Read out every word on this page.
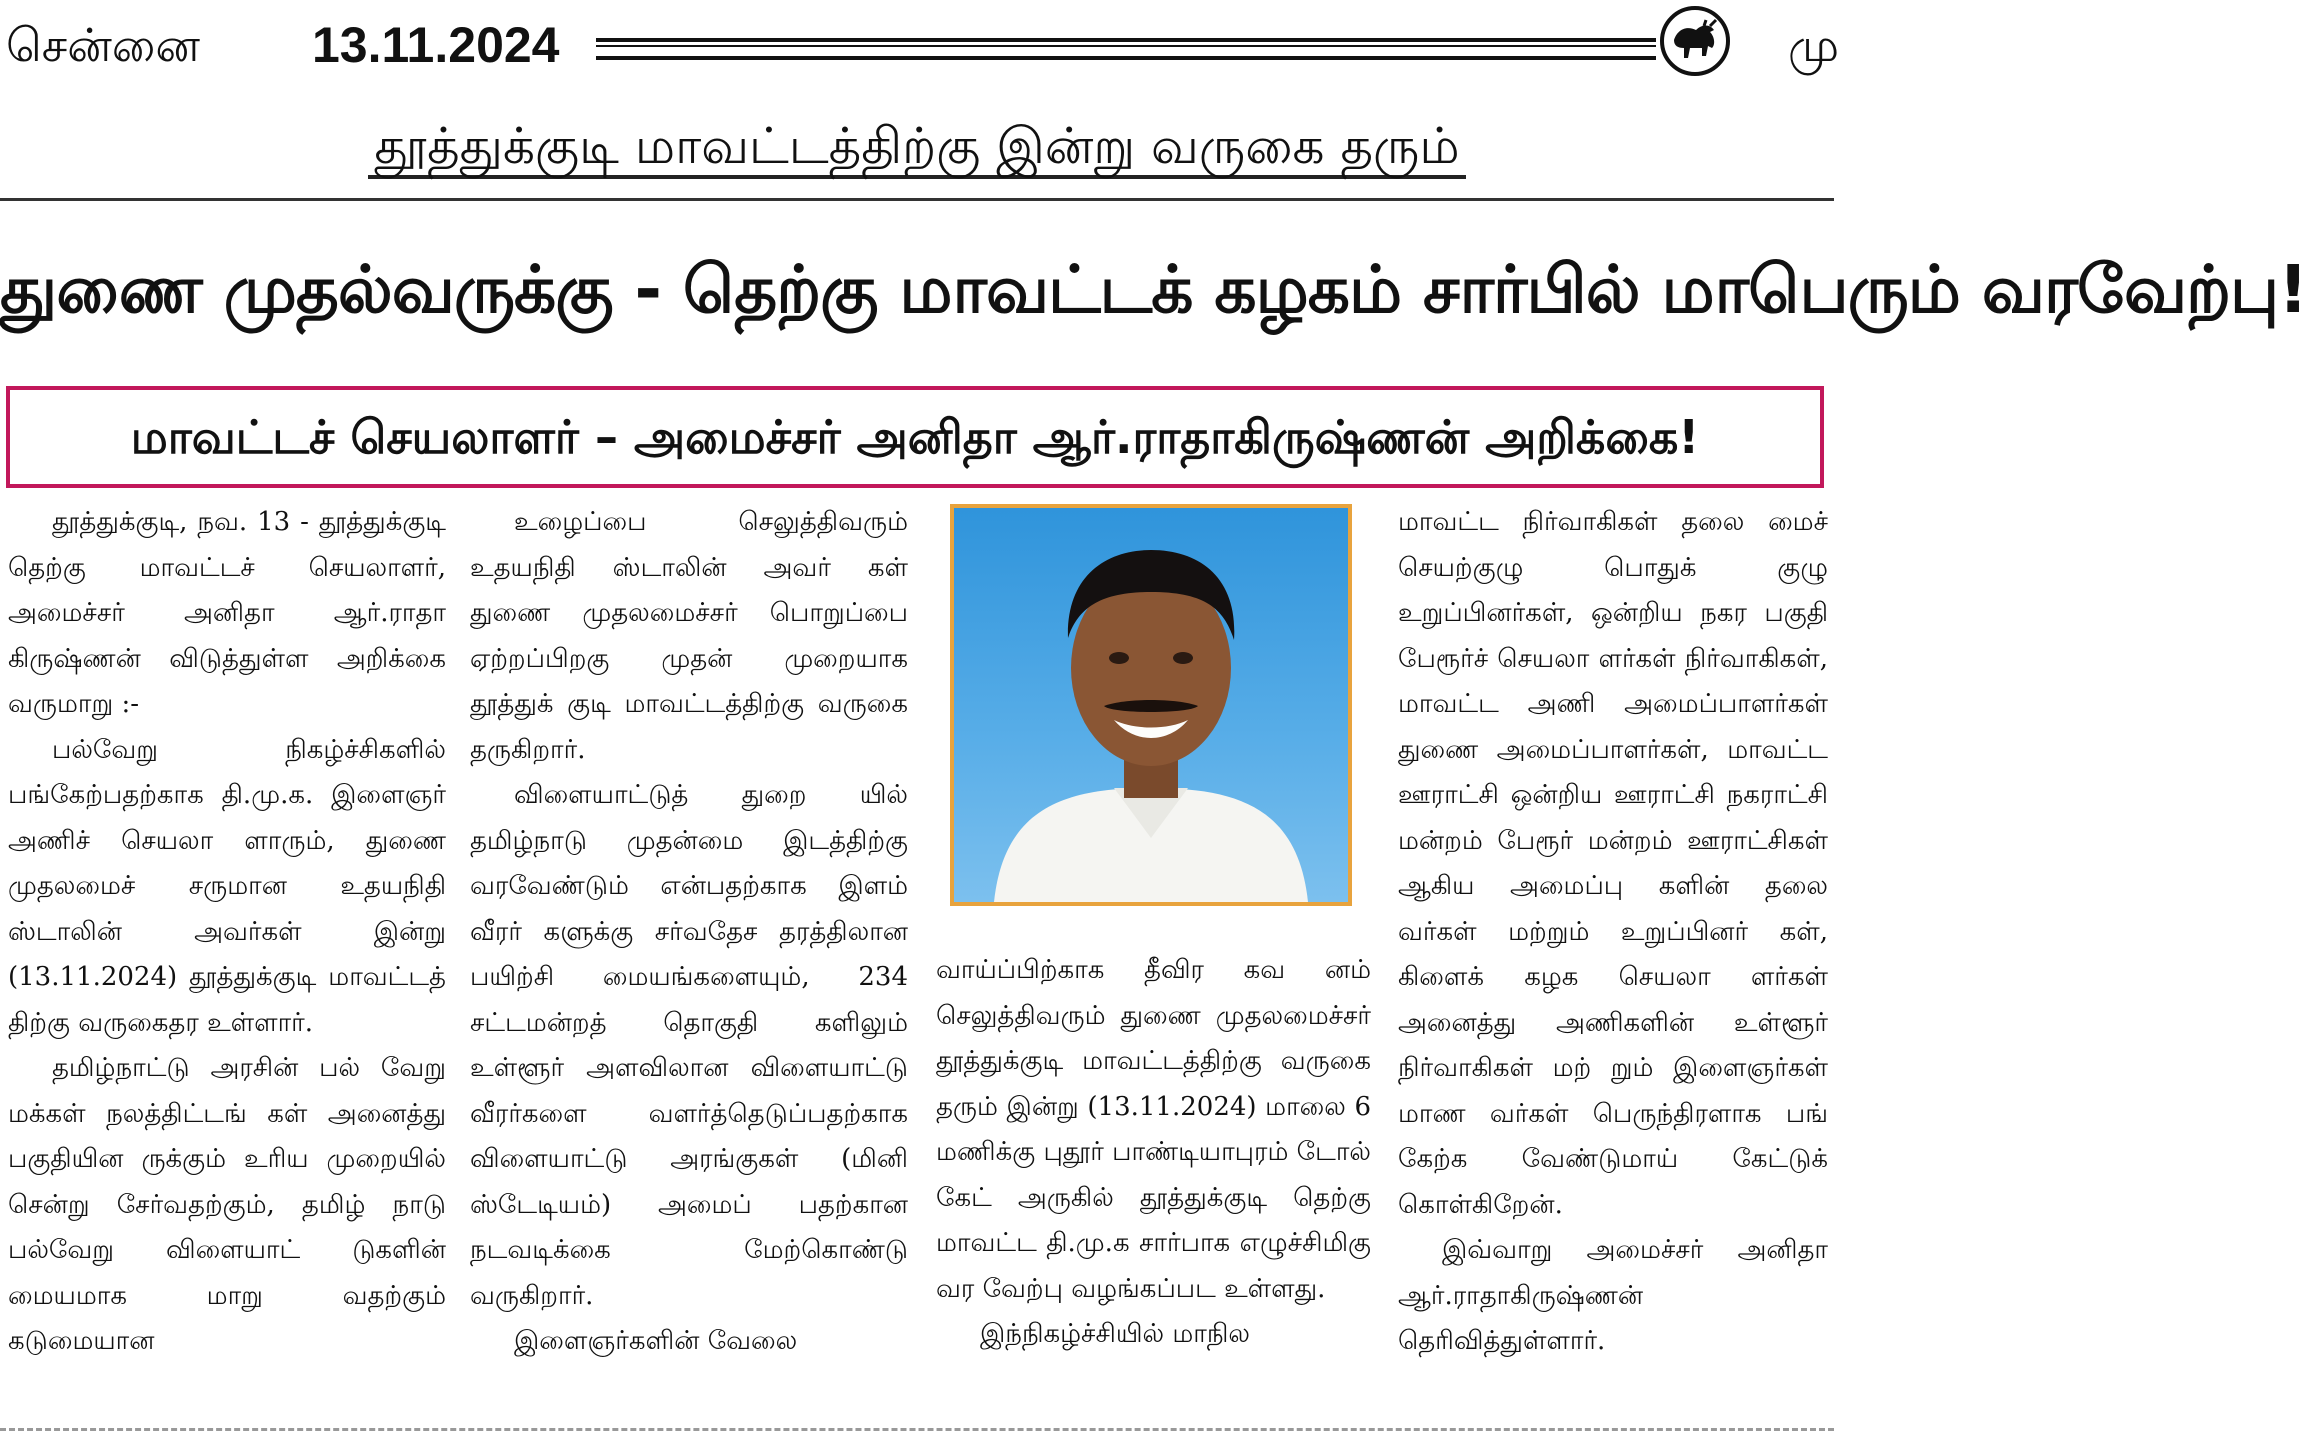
சென்னை 13.11.2024	மு
தூத்துக்குடி மாவட்டத்திற்கு இன்று வருகை தரும்
துணை முதல்வருக்கு - தெற்கு மாவட்டக் கழகம் சார்பில் மாபெரும் வரவேற்பு!
மாவட்டச் செயலாளர் – அமைச்சர் அனிதா ஆர்.ராதாகிருஷ்ணன் அறிக்கை!

தூத்துக்குடி, நவ. 13 - தூத்துக்குடி தெற்கு மாவட்டச் செயலாளர், அமைச்சர் அனிதா ஆர்.ராதா கிருஷ்ணன் விடுத்துள்ள அறிக்கை வருமாறு :-

பல்வேறு நிகழ்ச்சிகளில் பங்கேற்பதற்காக தி.மு.க. இளைஞர் அணிச் செயலா ளாரும், துணை முதலமைச் சருமான உதயநிதி ஸ்டாலின் அவர்கள் இன்று (13.11.2024) தூத்துக்குடி மாவட்டத் திற்கு வருகைதர உள்ளார்.

தமிழ்நாட்டு அரசின் பல் வேறு மக்கள் நலத்திட்டங் கள் அனைத்து பகுதியின ருக்கும் உரிய முறையில் சென்று சேர்வதற்கும், தமிழ் நாடு பல்வேறு விளையாட் டுகளின் மையமாக மாறு வதற்கும் கடுமையான

உழைப்பை செலுத்திவரும் உதயநிதி ஸ்டாலின் அவர் கள் துணை முதலமைச்சர் பொறுப்பை ஏற்றப்பிறகு முதன் முறையாக தூத்துக் குடி மாவட்டத்திற்கு வருகை தருகிறார்.

விளையாட்டுத் துறை யில் தமிழ்நாடு முதன்மை இடத்திற்கு வரவேண்டும் என்பதற்காக இளம் வீரர் களுக்கு சர்வதேச தரத்திலான பயிற்சி மையங்களையும், 234 சட்டமன்றத் தொகுதி களிலும் உள்ளூர் அளவிலான விளையாட்டு வீரர்களை வளர்த்தெடுப்பதற்காக விளையாட்டு அரங்குகள் (மினி ஸ்டேடியம்) அமைப் பதற்கான நடவடிக்கை மேற்கொண்டு வருகிறார்.

இளைஞர்களின் வேலை

வாய்ப்பிற்காக தீவிர கவ னம் செலுத்திவரும் துணை முதலமைச்சர் தூத்துக்குடி மாவட்டத்திற்கு வருகை தரும் இன்று (13.11.2024) மாலை 6 மணிக்கு புதூர் பாண்டியாபுரம் டோல் கேட் அருகில் தூத்துக்குடி தெற்கு மாவட்ட தி.மு.க சார்பாக எழுச்சிமிகு வர வேற்பு வழங்கப்பட உள்ளது.

இந்நிகழ்ச்சியில் மாநில

மாவட்ட நிர்வாகிகள் தலை மைச் செயற்குழு பொதுக் குழு உறுப்பினர்கள், ஒன்றிய நகர பகுதி பேரூர்ச் செயலா ளர்கள் நிர்வாகிகள், மாவட்ட அணி அமைப்பாளர்கள் துணை அமைப்பாளர்கள், மாவட்ட ஊராட்சி ஒன்றிய ஊராட்சி நகராட்சி மன்றம் பேரூர் மன்றம் ஊராட்சிகள் ஆகிய அமைப்பு களின் தலை வர்கள் மற்றும் உறுப்பினர் கள், கிளைக் கழக செயலா ளர்கள் அனைத்து அணிகளின் உள்ளூர் நிர்வாகிகள் மற் றும் இளைஞர்கள் மாண வர்கள் பெருந்திரளாக பங் கேற்க வேண்டுமாய் கேட்டுக் கொள்கிறேன்.

இவ்வாறு அமைச்சர் அனிதா ஆர்.ராதாகிருஷ்ணன் தெரிவித்துள்ளார்.
